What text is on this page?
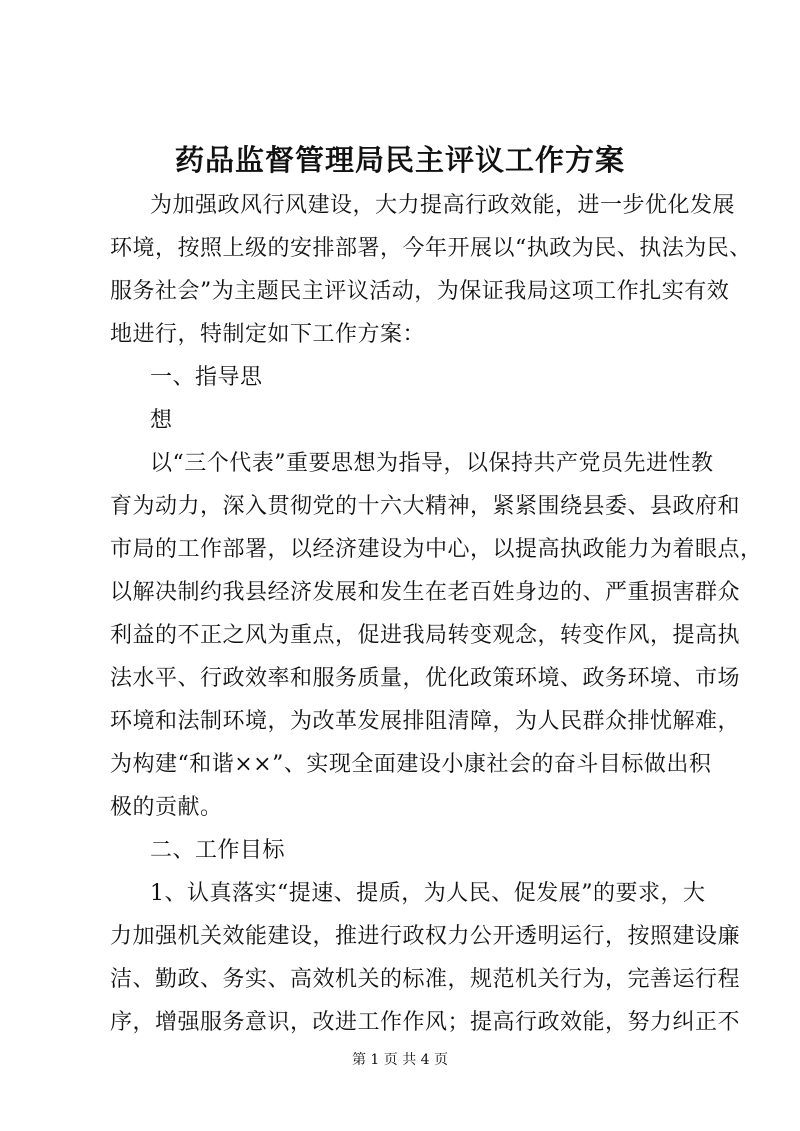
药品监督管理局民主评议工作方案
为加强政风行风建设，大力提高行政效能，进一步优化发展
环境，按照上级的安排部署，今年开展以“执政为民、执法为民、
服务社会”为主题民主评议活动，为保证我局这项工作扎实有效
地进行，特制定如下工作方案：
一、指导思
想
以“三个代表”重要思想为指导，以保持共产党员先进性教
育为动力，深入贯彻党的十六大精神，紧紧围绕县委、县政府和
市局的工作部署，以经济建设为中心，以提高执政能力为着眼点，
以解决制约我县经济发展和发生在老百姓身边的、严重损害群众
利益的不正之风为重点，促进我局转变观念，转变作风，提高执
法水平、行政效率和服务质量，优化政策环境、政务环境、市场
环境和法制环境，为改革发展排阻清障，为人民群众排忧解难，
为构建“和谐××”、实现全面建设小康社会的奋斗目标做出积
极的贡献。
二、工作目标
1、认真落实“提速、提质，为人民、促发展”的要求，大
力加强机关效能建设，推进行政权力公开透明运行，按照建设廉
洁、勤政、务实、高效机关的标准，规范机关行为，完善运行程
序，增强服务意识，改进工作作风；提高行政效能，努力纠正不
第 1 页 共 4 页
